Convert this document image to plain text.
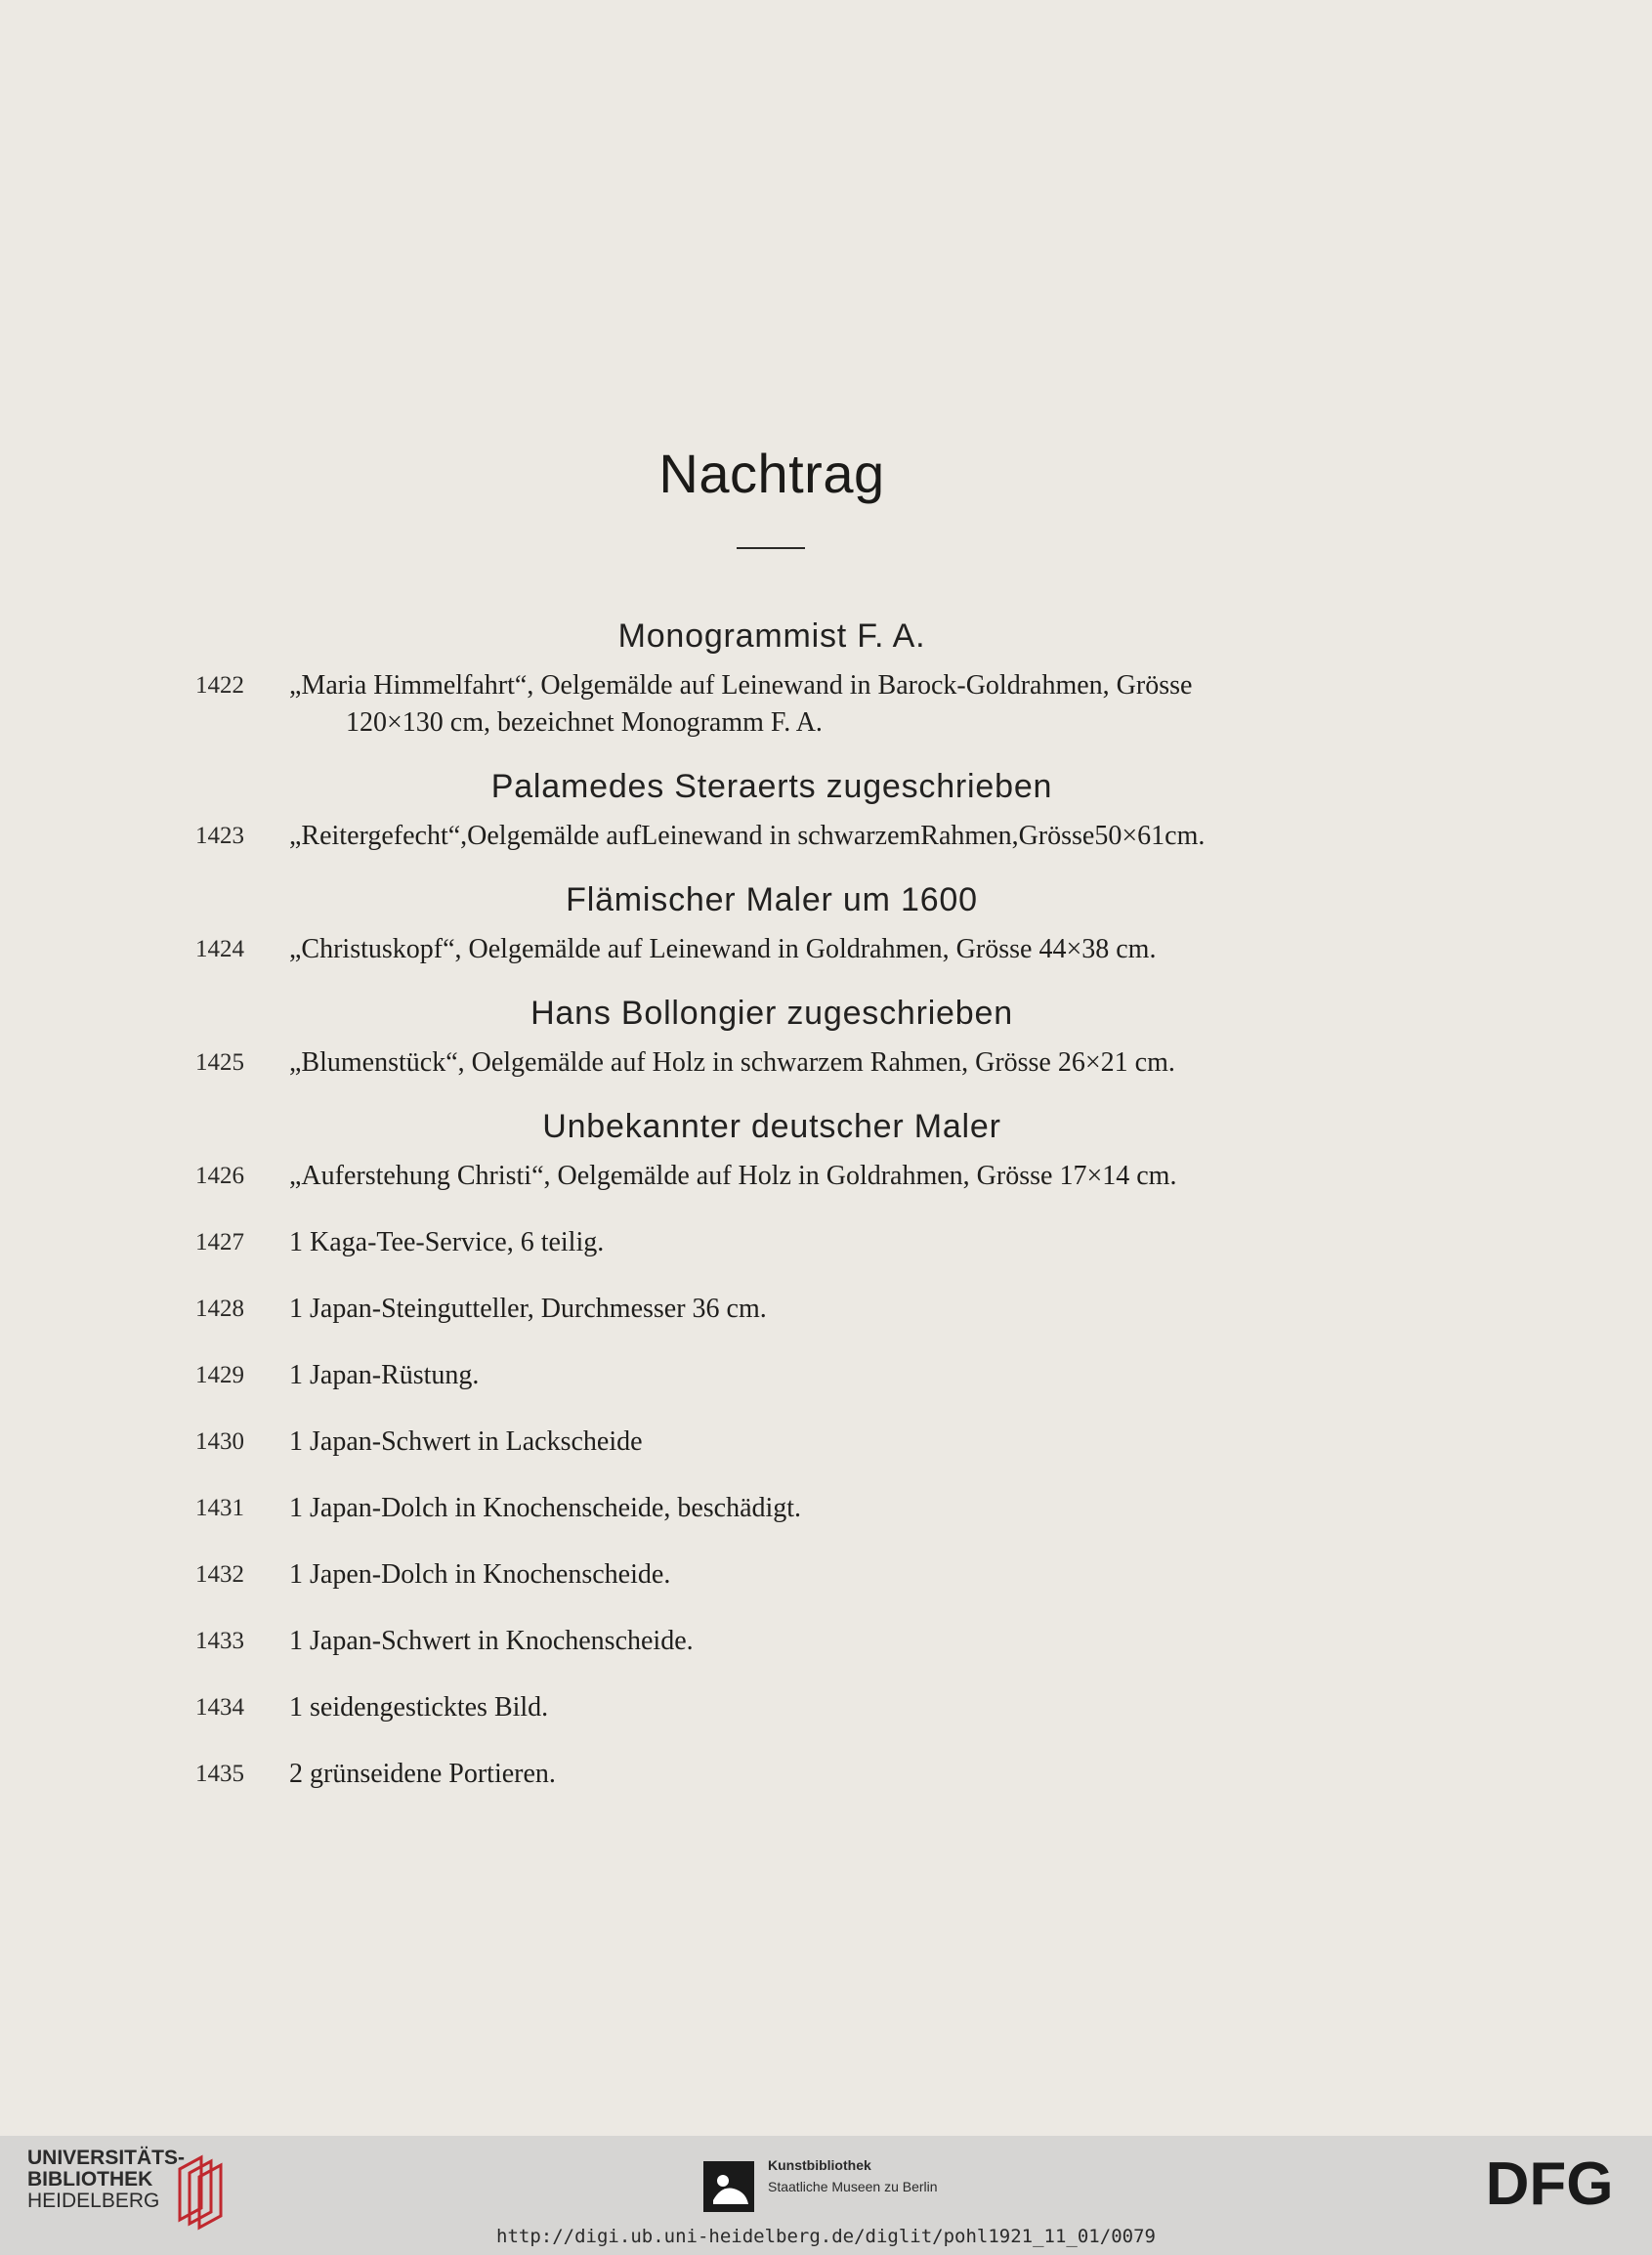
Nachtrag
Monogrammist F. A.
1422	„Maria Himmelfahrt“, Oelgemälde auf Leinewand in Barock-Goldrahmen, Grösse
120×130 cm, bezeichnet Monogramm F. A.
Palamedes Steraerts zugeschrieben
1423	„Reitergefecht“,Oelgemälde aufLeinewand in schwarzemRahmen,Grösse50×61cm.
Flämischer Maler um 1600
1424	„Christuskopf“, Oelgemälde auf Leinewand in Goldrahmen, Grösse 44×38 cm.
Hans Bollongier zugeschrieben
1425	„Blumenstück“, Oelgemälde auf Holz in schwarzem Rahmen, Grösse 26×21 cm.
Unbekannter deutscher Maler
1426	„Auferstehung Christi“, Oelgemälde auf Holz in Goldrahmen, Grösse 17×14 cm.
1427	1 Kaga-Tee-Service, 6 teilig.
1428	1 Japan-Steingutteller, Durchmesser 36 cm.
1429	1 Japan-Rüstung.
1430	1 Japan-Schwert in Lackscheide
1431	1 Japan-Dolch in Knochenscheide, beschädigt.
1432	1 Japen-Dolch in Knochenscheide.
1433	1 Japan-Schwert in Knochenscheide.
1434	1 seidengesticktes Bild.
1435	2 grünseidene Portieren.
UNIVERSITÄTS-
BIBLIOTHEK
HEIDELBERG
Kunstbibliothek
Staatliche Museen zu Berlin	DFG
http://digi.ub.uni-heidelberg.de/diglit/pohl1921_11_01/0079
